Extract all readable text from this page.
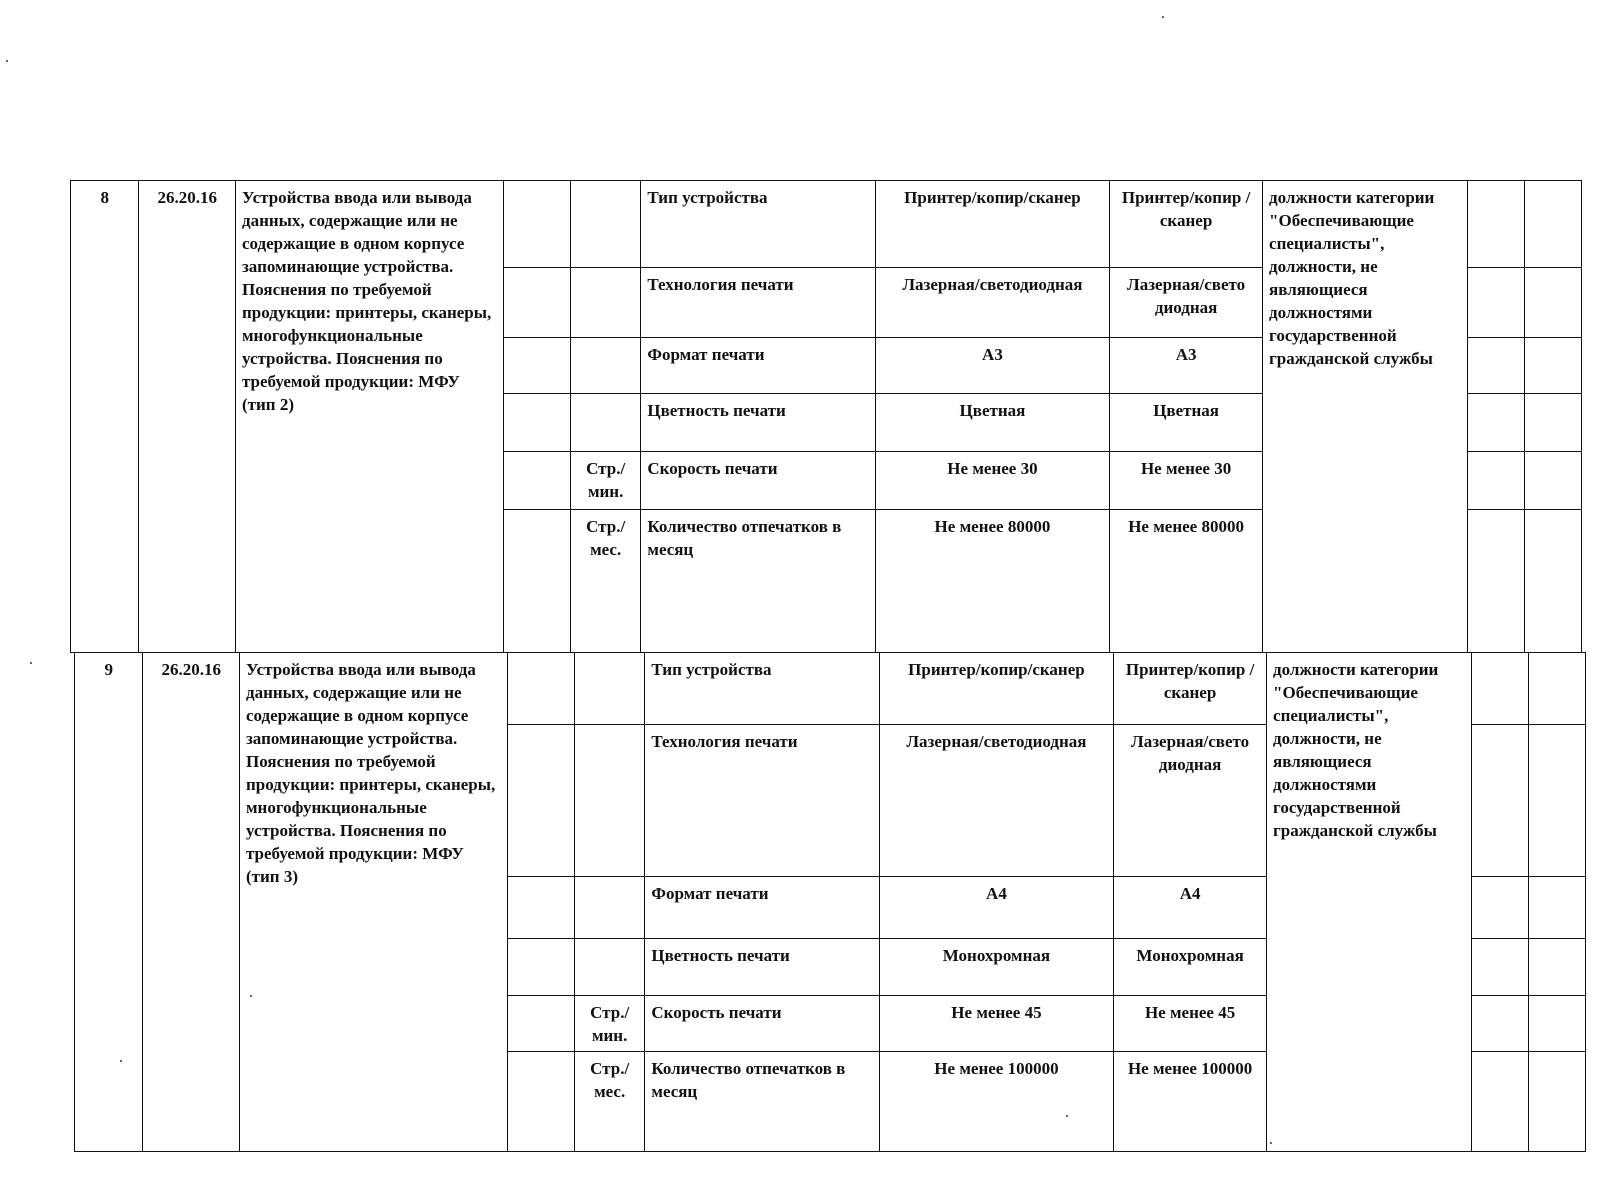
8	26.20.16	Устройства ввода или вывода данных, содержащие или не содержащие в одном корпусе запоминающие устройства. Пояснения по требуемой продукции: принтеры, сканеры, многофункциональные устройства. Пояснения по требуемой продукции: МФУ (тип 2)			Тип устройства	Принтер/копир/сканер	Принтер/копир /сканер	должности категории "Обеспечивающие специалисты", должности, не являющиеся должностями государственной гражданской службы		
					Технология печати	Лазерная/светодиодная	Лазерная/свето диодная			
					Формат печати	А3	А3			
					Цветность печати	Цветная	Цветная			
				Стр./ мин.	Скорость печати	Не менее 30	Не менее 30			
				Стр./ мес.	Количество отпечатков в месяц	Не менее 80000	Не менее 80000			
9	26.20.16	Устройства ввода или вывода данных, содержащие или не содержащие в одном корпусе запоминающие устройства. Пояснения по требуемой продукции: принтеры, сканеры, многофункциональные устройства. Пояснения по требуемой продукции: МФУ (тип 3)			Тип устройства	Принтер/копир/сканер	Принтер/копир /сканер	должности категории "Обеспечивающие специалисты", должности, не являющиеся должностями государственной гражданской службы		
					Технология печати	Лазерная/светодиодная	Лазерная/свето диодная			
					Формат печати	А4	А4			
					Цветность печати	Монохромная	Монохромная			
				Стр./ мин.	Скорость печати	Не менее 45	Не менее 45			
				Стр./ мес.	Количество отпечатков в месяц	Не менее 100000	Не менее 100000			
